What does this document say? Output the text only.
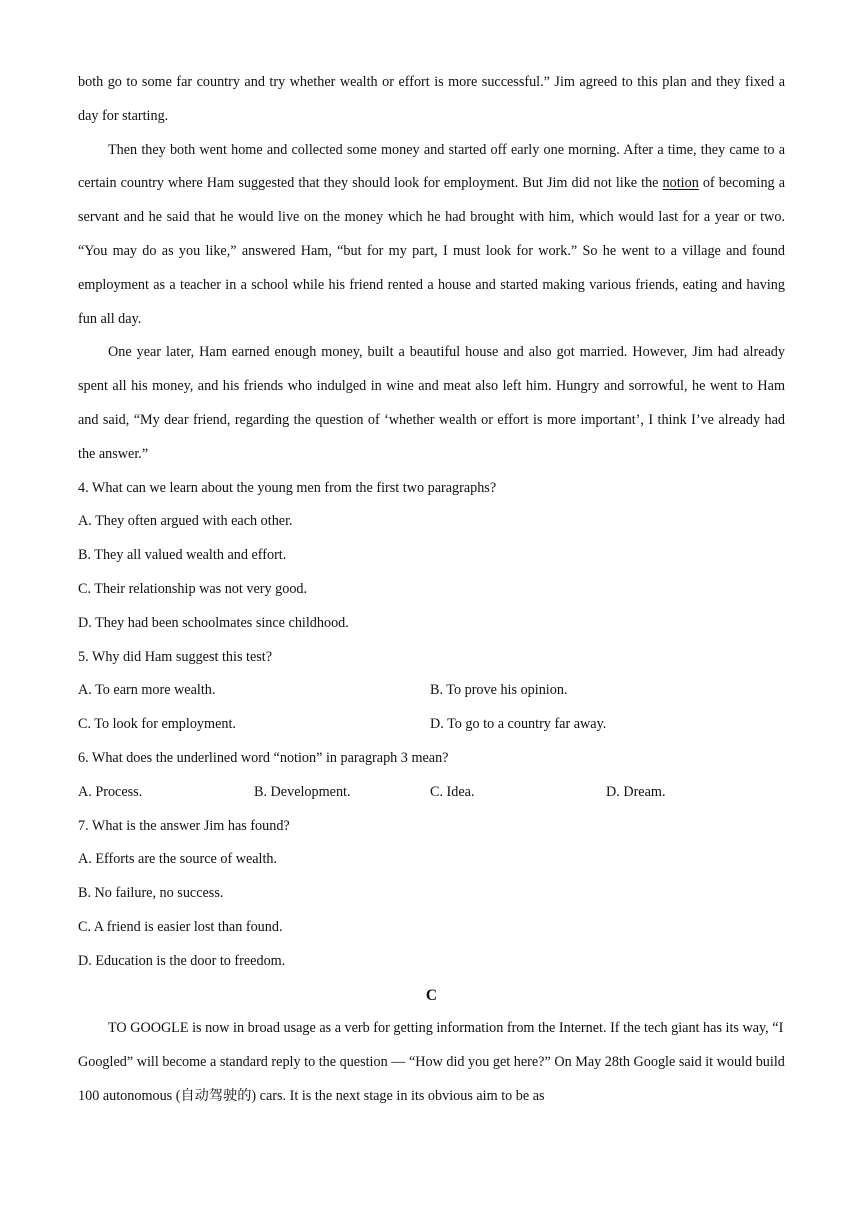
both go to some far country and try whether wealth or effort is more successful.” Jim agreed to this plan and they fixed a day for starting.

Then they both went home and collected some money and started off early one morning. After a time, they came to a certain country where Ham suggested that they should look for employment. But Jim did not like the notion of becoming a servant and he said that he would live on the money which he had brought with him, which would last for a year or two. “You may do as you like,” answered Ham, “but for my part, I must look for work.” So he went to a village and found employment as a teacher in a school while his friend rented a house and started making various friends, eating and having fun all day.

One year later, Ham earned enough money, built a beautiful house and also got married. However, Jim had already spent all his money, and his friends who indulged in wine and meat also left him. Hungry and sorrowful, he went to Ham and said, “My dear friend, regarding the question of ‘whether wealth or effort is more important’, I think I’ve already had the answer.”

4. What can we learn about the young men from the first two paragraphs?

A. They often argued with each other.

B. They all valued wealth and effort.

C. Their relationship was not very good.

D. They had been schoolmates since childhood.

5. Why did Ham suggest this test?

A. To earn more wealth.	B. To prove his opinion.
C. To look for employment.	D. To go to a country far away.

6. What does the underlined word “notion” in paragraph 3 mean?

A. Process.	B. Development.	C. Idea.	D. Dream.

7. What is the answer Jim has found?

A. Efforts are the source of wealth.

B. No failure, no success.

C. A friend is easier lost than found.

D. Education is the door to freedom.

C

TO GOOGLE is now in broad usage as a verb for getting information from the Internet. If the tech giant has its way, “I Googled” will become a standard reply to the question — “How did you get here?” On May 28th Google said it would build 100 autonomous (自动驾驶的) cars. It is the next stage in its obvious aim to be as
